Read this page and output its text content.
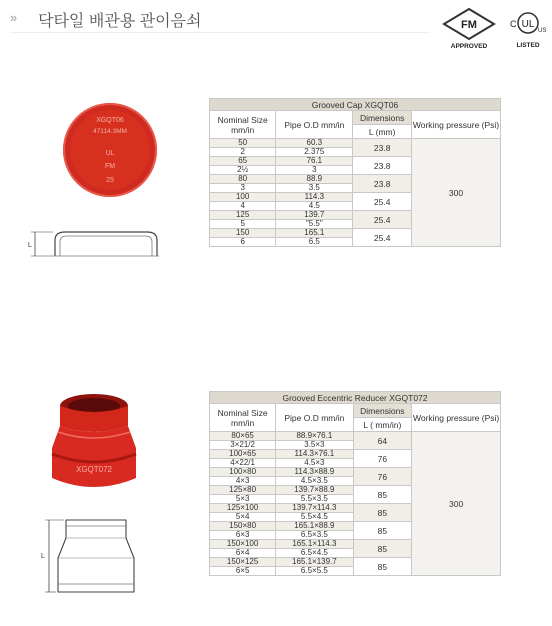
» 닥타일 배관용 관이음쇠	FM
APPROVED
C UL
US
LISTED
XGQT06
47114.3MM
UL
FM
25
L
Grooved Cap XGQT06			
Nominal Size mm/in	Pipe O.D mm/in	Dimensions	Working pressure (Psi)
		L (mm)	
50	60.3	23.8	300
2	2.375		
65	76.1	23.8	
2½	3		
80	88.9	23.8	
3	3.5		
100	114.3	25.4	
4	4.5		
125	139.7	25.4	
5	"5.5"		
150	165.1	25.4	
6	6.5		
XGQT072
L
Grooved Eccentric Reducer XGQT072			
Nominal Size mm/in	Pipe O.D mm/in	Dimensions	Working pressure (Psi)
		L ( mm/in)	
80×65	88.9×76.1	64	300
3×21/2	3.5×3		
100×65	114.3×76.1	76	
4×22/1	4.5×3		
100×80	114.3×88.9	76	
4×3	4.5×3.5		
125×80	139.7×88.9	85	
5×3	5.5×3.5		
125×100	139.7×114.3	85	
5×4	5.5×4.5		
150×80	165.1×88.9	85	
6×3	6.5×3.5		
150×100	165.1×114.3	85	
6×4	6.5×4.5		
150×125	165.1×139.7	85	
6×5	6.5×5.5		
